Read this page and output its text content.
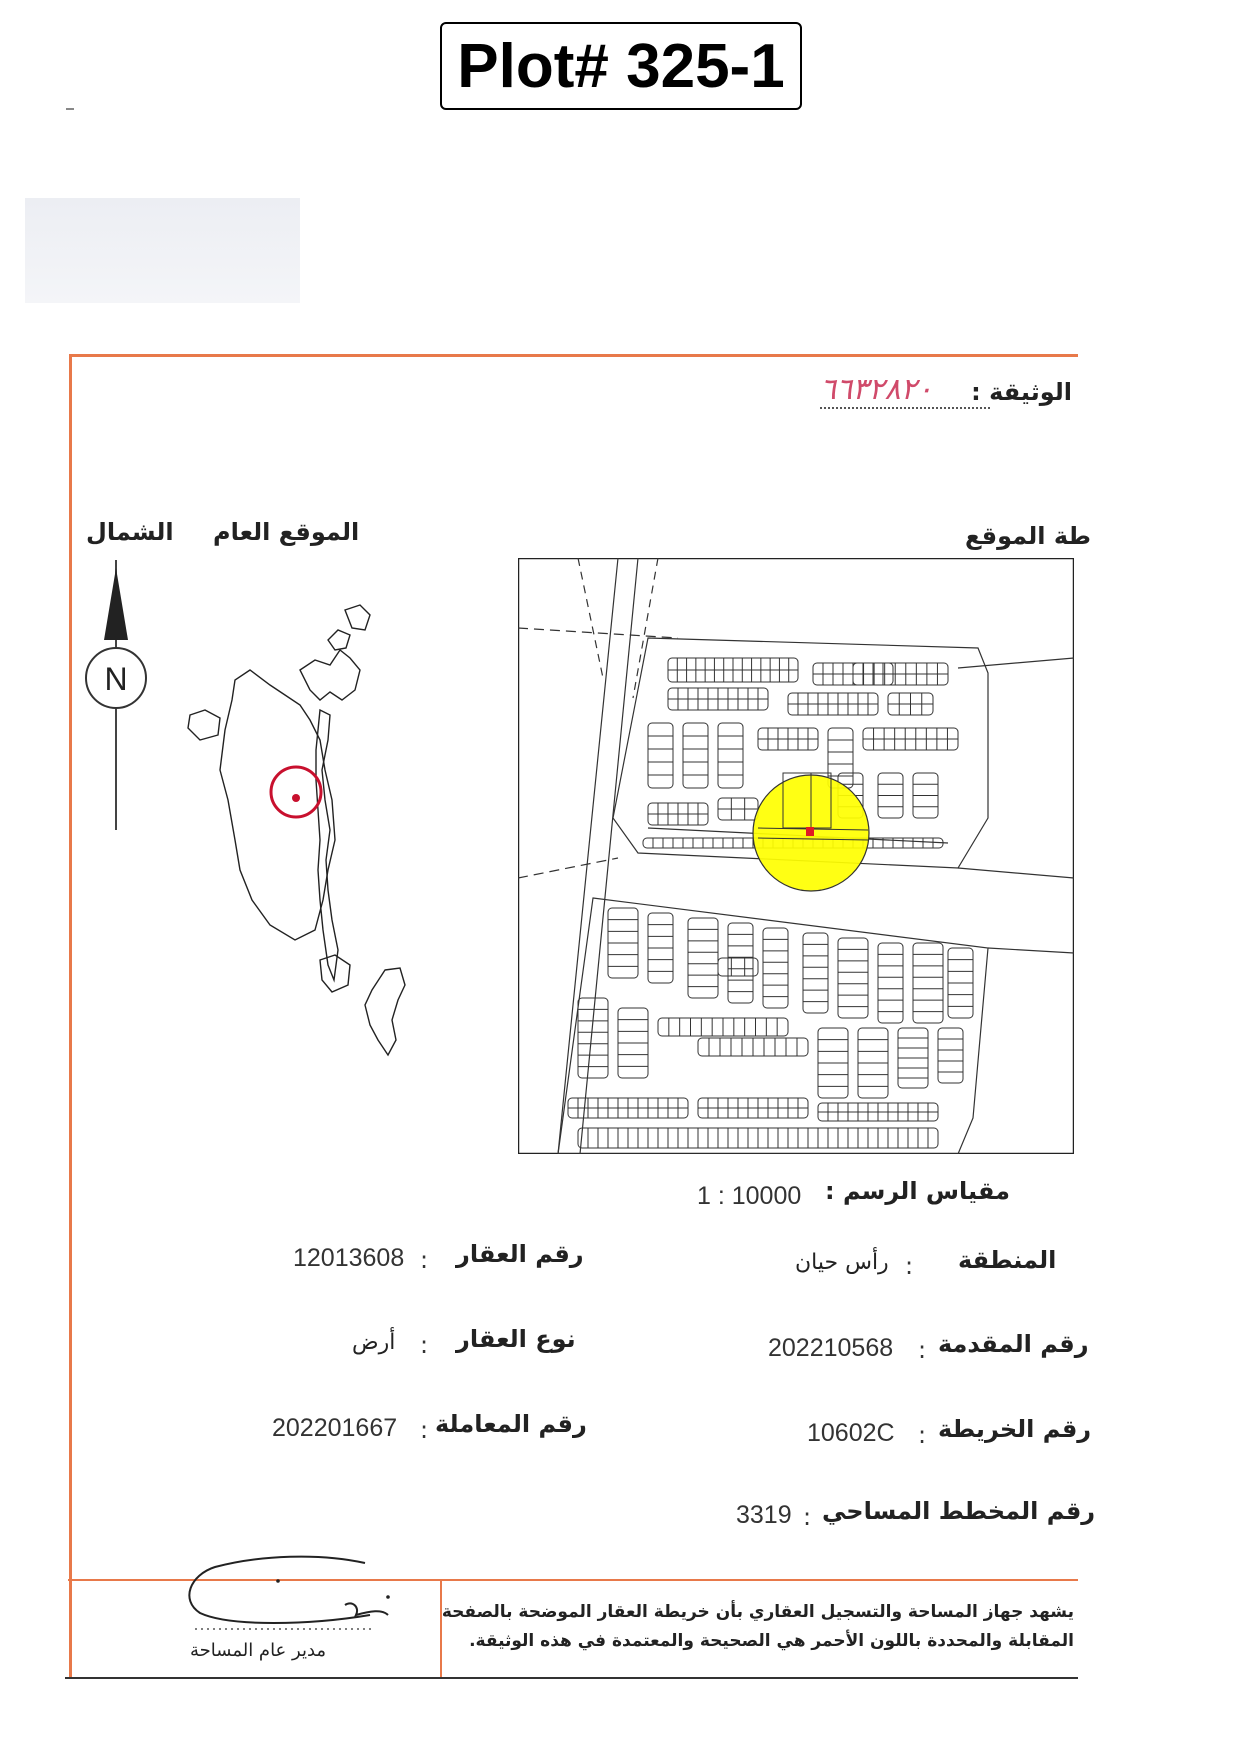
Plot# 325-1
الوثيقة :
٦٦٣٢٨٢٠
الشمال الموقع العام	طة الموقع
N
مقياس الرسم :
1 : 10000
رقم العقار
:
12013608
نوع العقار
:
أرض
رقم المعاملة
:
202201667
المنطقة
:
رأس حيان
رقم المقدمة
:
202210568
رقم الخريطة
:
10602C
رقم المخطط المساحي
:
3319
يشهد جهاز المساحة والتسجيل العقاري بأن خريطة العقار الموضحة بالصفحة
المقابلة والمحددة باللون الأحمر هي الصحيحة والمعتمدة في هذه الوثيقة.
مدير عام المساحة
